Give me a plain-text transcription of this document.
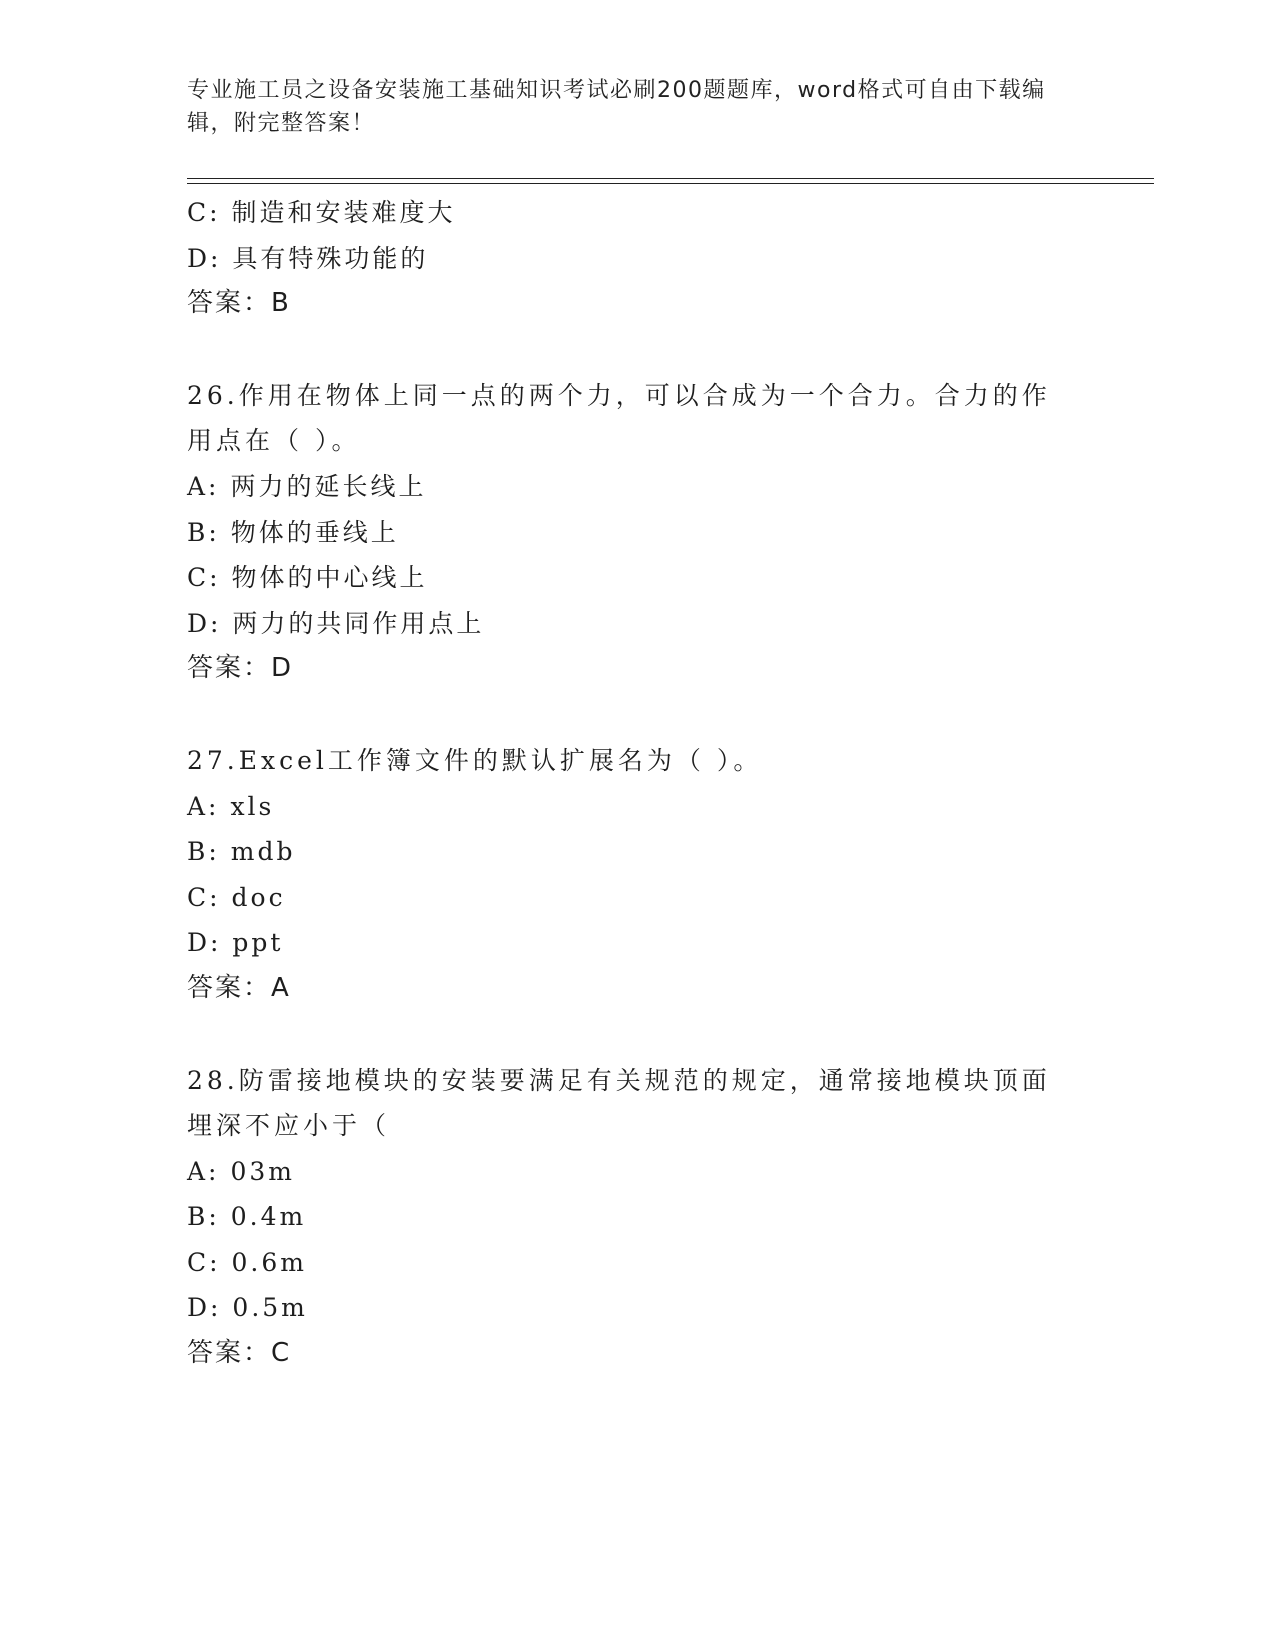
专业施工员之设备安装施工基础知识考试必刷200题题库，word格式可自由下载编辑，附完整答案！
C: 制造和安装难度大
D: 具有特殊功能的
答案：B
26.作用在物体上同一点的两个力，可以合成为一个合力。合力的作用点在（ ）。
A: 两力的延长线上
B: 物体的垂线上
C: 物体的中心线上
D: 两力的共同作用点上
答案：D
27.Excel工作簿文件的默认扩展名为（ ）。
A: xls
B: mdb
C: doc
D: ppt
答案：A
28.防雷接地模块的安装要满足有关规范的规定，通常接地模块顶面埋深不应小于（
A: 03m
B: 0.4m
C: 0.6m
D: 0.5m
答案：C
